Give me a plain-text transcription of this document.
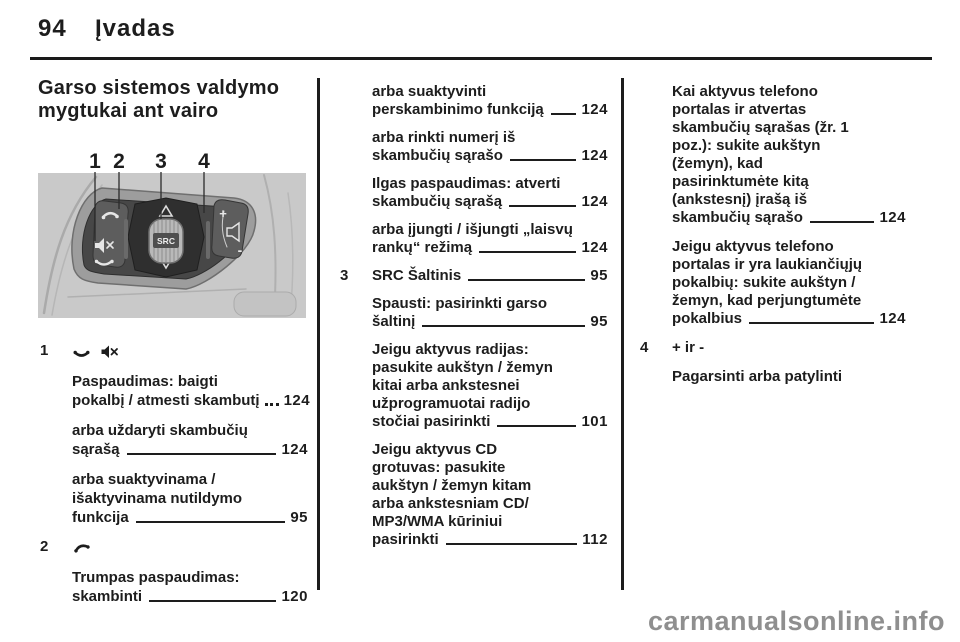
94 Įvadas
Garso sistemos valdymo
mygtukai ant vairo
SRC
+
-
1 2 3 4
1
Paspaudimas: baigti
pokalbį / atmesti skambutį 124
arba uždaryti skambučių
sąrašą	124
arba suaktyvinama /
išaktyvinama nutildymo
funkcija	95
2
Trumpas paspaudimas:
skambinti	120
arba suaktyvinti
perskambinimo funkciją	124
arba rinkti numerį iš
skambučių sąrašo	124
Ilgas paspaudimas: atverti
skambučių sąrašą	124
arba įjungti / išjungti „laisvų
rankų“ režimą	124
3 SRC Šaltinis	95
Spausti: pasirinkti garso
šaltinį	95
Jeigu aktyvus radijas:
pasukite aukštyn / žemyn
kitai arba ankstesnei
užprogramuotai radijo
stočiai pasirinkti	101
Jeigu aktyvus CD
grotuvas: pasukite
aukštyn / žemyn kitam
arba ankstesniam CD/
MP3/WMA kūriniui
pasirinkti	112
Kai aktyvus telefono
portalas ir atvertas
skambučių sąrašas (žr. 1
poz.): sukite aukštyn
(žemyn), kad
pasirinktumėte kitą
(ankstesnį) įrašą iš
skambučių sąrašo	124
Jeigu aktyvus telefono
portalas ir yra laukiančiųjų
pokalbių: sukite aukštyn /
žemyn, kad perjungtumėte
pokalbius	124
4 + ir -
Pagarsinti arba patylinti
carmanualsonline.info
